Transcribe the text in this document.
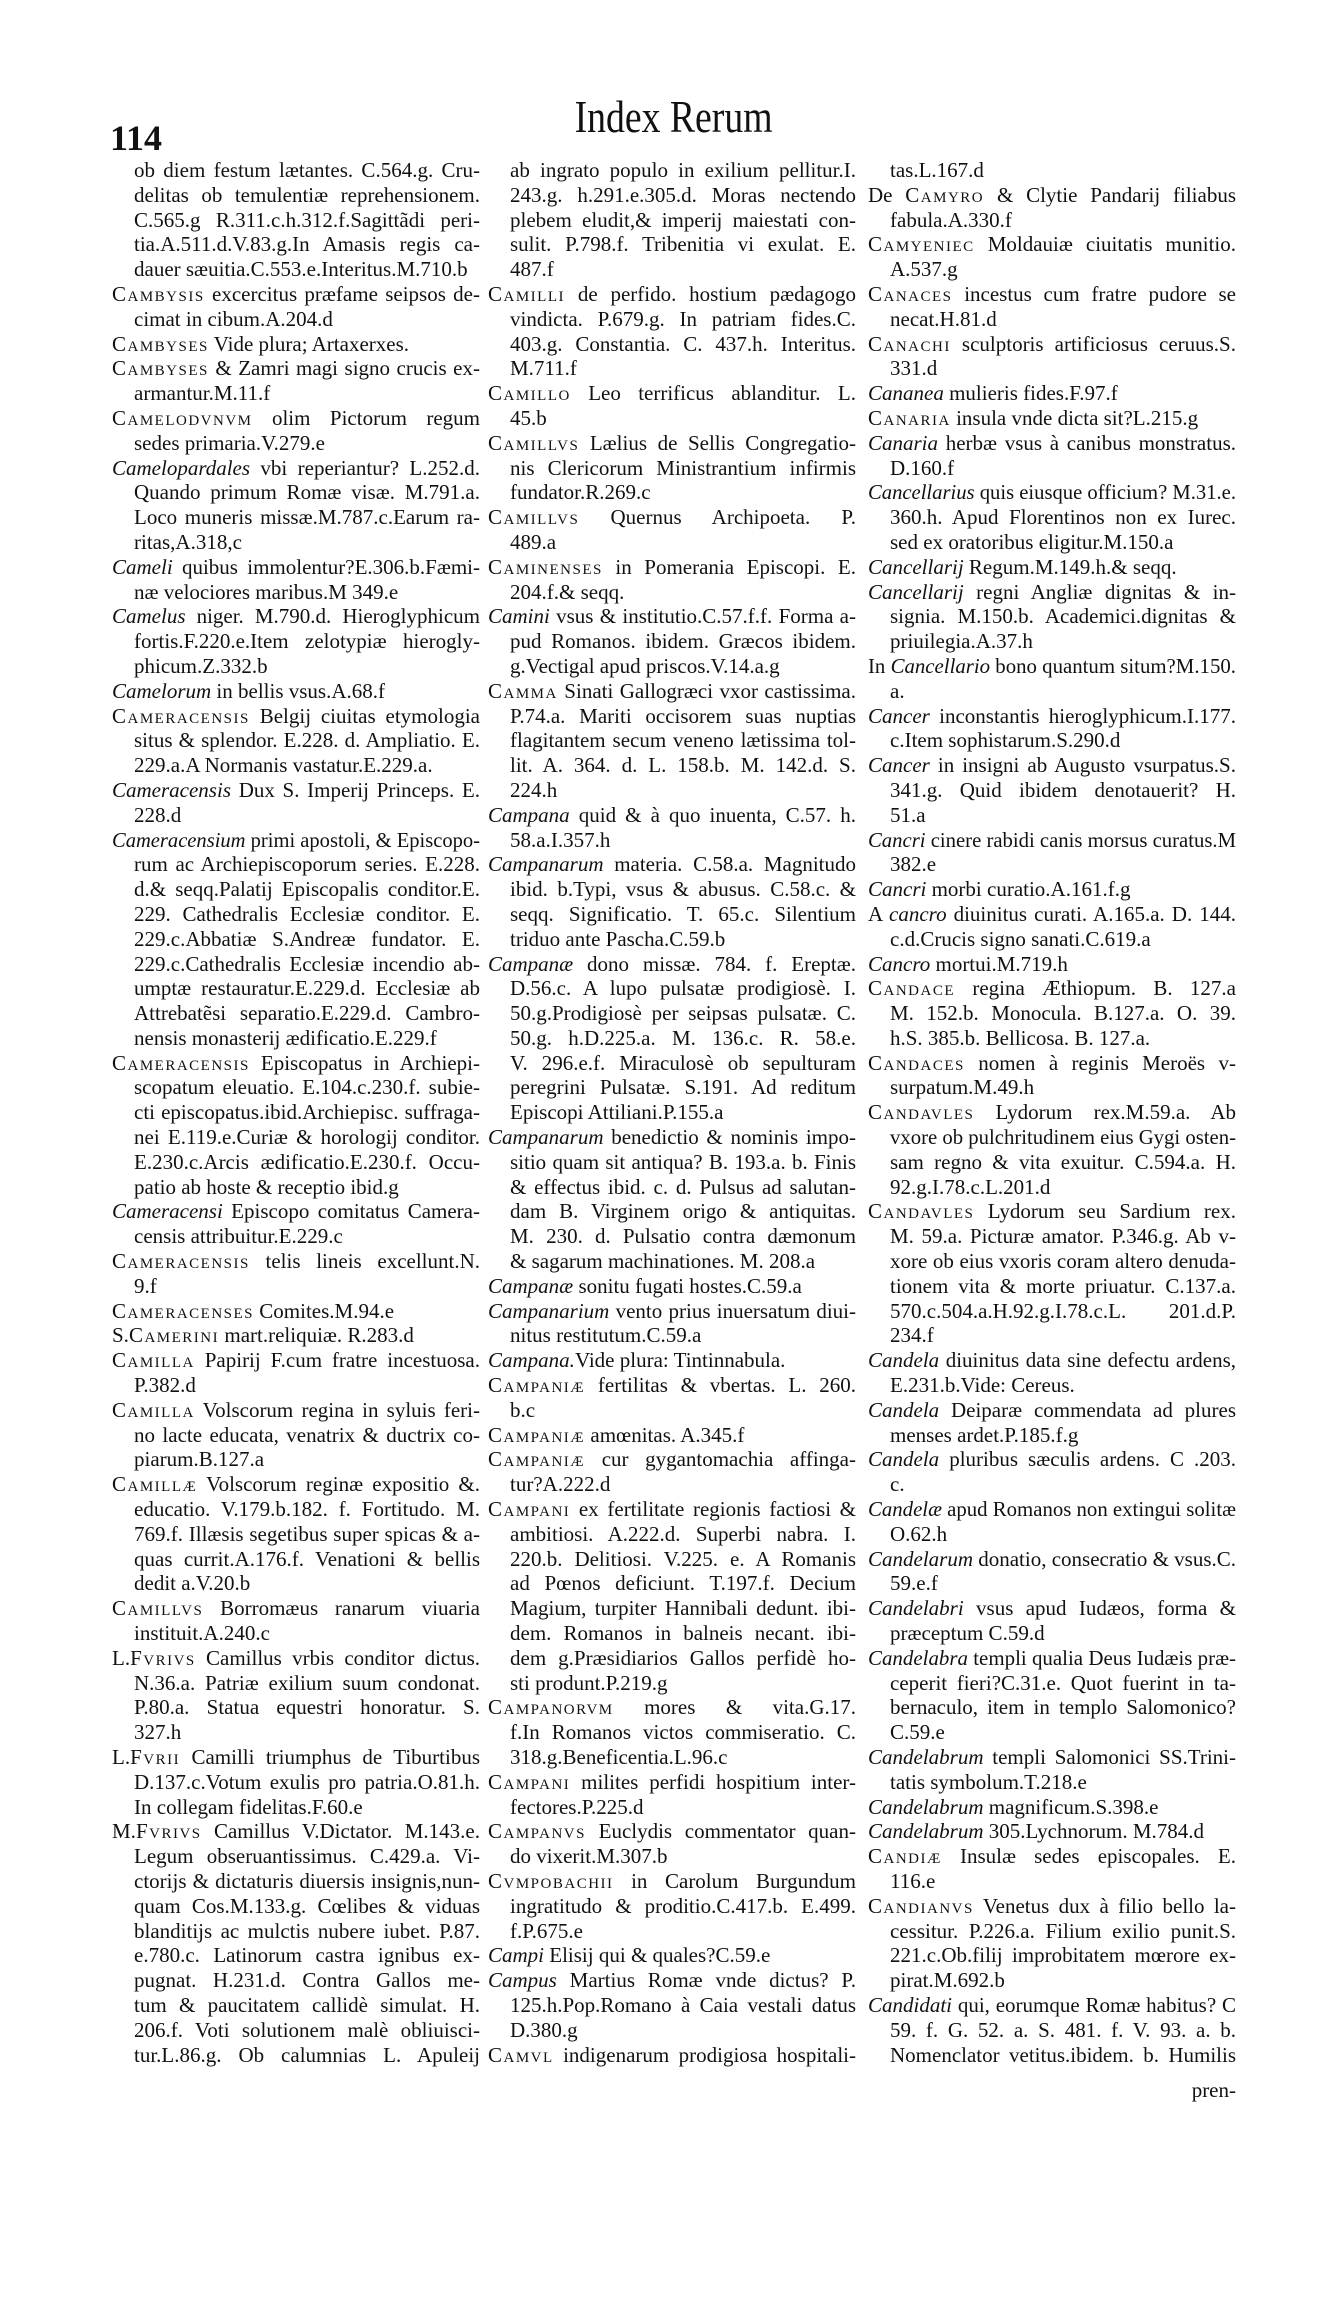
Index Rerum
114
ob diem festum lætantes. C.564.g. Cru-
delitas ob temulentiæ reprehensionem.
C.565.g R.311.c.h.312.f.Sagittãdi peri-
tia.A.511.d.V.83.g.In Amasis regis ca-
dauer sæuitia.C.553.e.Interitus.M.710.b
Cambysis excercitus præfame seipsos de-
cimat in cibum.A.204.d
Cambyses Vide plura; Artaxerxes.
Cambyses & Zamri magi signo crucis ex-
armantur.M.11.f
Camelodvnvm olim Pictorum regum
sedes primaria.V.279.e
Camelopardales vbi reperiantur? L.252.d.
Quando primum Romæ visæ. M.791.a.
Loco muneris missæ.M.787.c.Earum ra-
ritas,A.318,c
Cameli quibus immolentur?E.306.b.Fæmi-
næ velociores maribus.M 349.e
Camelus niger. M.790.d. Hieroglyphicum
fortis.F.220.e.Item zelotypiæ hierogly-
phicum.Z.332.b
Camelorum in bellis vsus.A.68.f
Cameracensis Belgij ciuitas etymologia
situs & splendor. E.228. d. Ampliatio. E.
229.a.A Normanis vastatur.E.229.a.
Cameracensis Dux S. Imperij Princeps. E.
228.d
Cameracensium primi apostoli, & Episcopo-
rum ac Archiepiscoporum series. E.228.
d.& seqq.Palatij Episcopalis conditor.E.
229. Cathedralis Ecclesiæ conditor. E.
229.c.Abbatiæ S.Andreæ fundator. E.
229.c.Cathedralis Ecclesiæ incendio ab-
umptæ restauratur.E.229.d. Ecclesiæ ab
Attrebatẽsi separatio.E.229.d. Cambro-
nensis monasterij ædificatio.E.229.f
Cameracensis Episcopatus in Archiepi-
scopatum eleuatio. E.104.c.230.f. subie-
cti episcopatus.ibid.Archiepisc. suffraga-
nei E.119.e.Curiæ & horologij conditor.
E.230.c.Arcis ædificatio.E.230.f. Occu-
patio ab hoste & receptio ibid.g
Cameracensi Episcopo comitatus Camera-
censis attribuitur.E.229.c
Cameracensis telis lineis excellunt.N.
9.f
Cameracenses Comites.M.94.e
S.Camerini mart.reliquiæ. R.283.d
Camilla Papirij F.cum fratre incestuosa.
P.382.d
Camilla Volscorum regina in syluis feri-
no lacte educata, venatrix & ductrix co-
piarum.B.127.a
Camillæ Volscorum reginæ expositio &.
educatio. V.179.b.182. f. Fortitudo. M.
769.f. Illæsis segetibus super spicas & a-
quas currit.A.176.f. Venationi & bellis
dedit a.V.20.b
Camillvs Borromæus ranarum viuaria
instituit.A.240.c
L.Fvrivs Camillus vrbis conditor dictus.
N.36.a. Patriæ exilium suum condonat.
P.80.a. Statua equestri honoratur. S.
327.h
L.Fvrii Camilli triumphus de Tiburtibus
D.137.c.Votum exulis pro patria.O.81.h.
In collegam fidelitas.F.60.e
M.Fvrivs Camillus V.Dictator. M.143.e.
Legum obseruantissimus. C.429.a. Vi-
ctorijs & dictaturis diuersis insignis,nun-
quam Cos.M.133.g. Cœlibes & viduas
blanditijs ac mulctis nubere iubet. P.87.
e.780.c. Latinorum castra ignibus ex-
pugnat. H.231.d. Contra Gallos me-
tum & paucitatem callidè simulat. H.
206.f. Voti solutionem malè obliuisci-
tur.L.86.g. Ob calumnias L. Apuleij
ab ingrato populo in exilium pellitur.I.
243.g. h.291.e.305.d. Moras nectendo
plebem eludit,& imperij maiestati con-
sulit. P.798.f. Tribenitia vi exulat. E.
487.f
Camilli de perfido. hostium pædagogo
vindicta. P.679.g. In patriam fides.C.
403.g. Constantia. C. 437.h. Interitus.
M.711.f
Camillo Leo terrificus ablanditur. L.
45.b
Camillvs Lælius de Sellis Congregatio-
nis Clericorum Ministrantium infirmis
fundator.R.269.c
Camillvs Quernus Archipoeta. P.
489.a
Caminenses in Pomerania Episcopi. E.
204.f.& seqq.
Camini vsus & institutio.C.57.f.f. Forma a-
pud Romanos. ibidem. Græcos ibidem.
g.Vectigal apud priscos.V.14.a.g
Camma Sinati Gallogræci vxor castissima.
P.74.a. Mariti occisorem suas nuptias
flagitantem secum veneno lætissima tol-
lit. A. 364. d. L. 158.b. M. 142.d. S.
224.h
Campana quid & à quo inuenta, C.57. h.
58.a.I.357.h
Campanarum materia. C.58.a. Magnitudo
ibid. b.Typi, vsus & abusus. C.58.c. &
seqq. Significatio. T. 65.c. Silentium
triduo ante Pascha.C.59.b
Campanæ dono missæ. 784. f. Ereptæ.
D.56.c. A lupo pulsatæ prodigiosè. I.
50.g.Prodigiosè per seipsas pulsatæ. C.
50.g. h.D.225.a. M. 136.c. R. 58.e.
V. 296.e.f. Miraculosè ob sepulturam
peregrini Pulsatæ. S.191. Ad reditum
Episcopi Attiliani.P.155.a
Campanarum benedictio & nominis impo-
sitio quam sit antiqua? B. 193.a. b. Finis
& effectus ibid. c. d. Pulsus ad salutan-
dam B. Virginem origo & antiquitas.
M. 230. d. Pulsatio contra dæmonum
& sagarum machinationes. M. 208.a
Campanæ sonitu fugati hostes.C.59.a
Campanarium vento prius inuersatum diui-
nitus restitutum.C.59.a
Campana.Vide plura: Tintinnabula.
Campaniæ fertilitas & vbertas. L. 260.
b.c
Campaniæ amœnitas. A.345.f
Campaniæ cur gygantomachia affinga-
tur?A.222.d
Campani ex fertilitate regionis factiosi &
ambitiosi. A.222.d. Superbi nabra. I.
220.b. Delitiosi. V.225. e. A Romanis
ad Pœnos deficiunt. T.197.f. Decium
Magium, turpiter Hannibali dedunt. ibi-
dem. Romanos in balneis necant. ibi-
dem g.Præsidiarios Gallos perfidè ho-
sti produnt.P.219.g
Campanorvm mores & vita.G.17.
f.In Romanos victos commiseratio. C.
318.g.Beneficentia.L.96.c
Campani milites perfidi hospitium inter-
fectores.P.225.d
Campanvs Euclydis commentator quan-
do vixerit.M.307.b
Cvmpobachii in Carolum Burgundum
ingratitudo & proditio.C.417.b. E.499.
f.P.675.e
Campi Elisij qui & quales?C.59.e
Campus Martius Romæ vnde dictus? P.
125.h.Pop.Romano à Caia vestali datus
D.380.g
Camvl indigenarum prodigiosa hospitali-
tas.L.167.d
De Camyro & Clytie Pandarij filiabus
fabula.A.330.f
Camyeniec Moldauiæ ciuitatis munitio.
A.537.g
Canaces incestus cum fratre pudore se
necat.H.81.d
Canachi sculptoris artificiosus ceruus.S.
331.d
Cananea mulieris fides.F.97.f
Canaria insula vnde dicta sit?L.215.g
Canaria herbæ vsus à canibus monstratus.
D.160.f
Cancellarius quis eiusque officium? M.31.e.
360.h. Apud Florentinos non ex Iurec.
sed ex oratoribus eligitur.M.150.a
Cancellarij Regum.M.149.h.& seqq.
Cancellarij regni Angliæ dignitas & in-
signia. M.150.b. Academici.dignitas &
priuilegia.A.37.h
In Cancellario bono quantum situm?M.150.
a.
Cancer inconstantis hieroglyphicum.I.177.
c.Item sophistarum.S.290.d
Cancer in insigni ab Augusto vsurpatus.S.
341.g. Quid ibidem denotauerit? H.
51.a
Cancri cinere rabidi canis morsus curatus.M
382.e
Cancri morbi curatio.A.161.f.g
A cancro diuinitus curati. A.165.a. D. 144.
c.d.Crucis signo sanati.C.619.a
Cancro mortui.M.719.h
Candace regina Æthiopum. B. 127.a
M. 152.b. Monocula. B.127.a. O. 39.
h.S. 385.b. Bellicosa. B. 127.a.
Candaces nomen à reginis Meroës v-
surpatum.M.49.h
Candavles Lydorum rex.M.59.a. Ab
vxore ob pulchritudinem eius Gygi osten-
sam regno & vita exuitur. C.594.a. H.
92.g.I.78.c.L.201.d
Candavles Lydorum seu Sardium rex.
M. 59.a. Picturæ amator. P.346.g. Ab v-
xore ob eius vxoris coram altero denuda-
tionem vita & morte priuatur. C.137.a.
570.c.504.a.H.92.g.I.78.c.L. 201.d.P.
234.f
Candela diuinitus data sine defectu ardens,
E.231.b.Vide: Cereus.
Candela Deiparæ commendata ad plures
menses ardet.P.185.f.g
Candela pluribus sæculis ardens. C .203.
c.
Candelæ apud Romanos non extingui solitæ
O.62.h
Candelarum donatio, consecratio & vsus.C.
59.e.f
Candelabri vsus apud Iudæos, forma &
præceptum C.59.d
Candelabra templi qualia Deus Iudæis præ-
ceperit fieri?C.31.e. Quot fuerint in ta-
bernaculo, item in templo Salomonico?
C.59.e
Candelabrum templi Salomonici SS.Trini-
tatis symbolum.T.218.e
Candelabrum magnificum.S.398.e
Candelabrum 305.Lychnorum. M.784.d
Candiæ Insulæ sedes episcopales. E.
116.e
Candianvs Venetus dux à filio bello la-
cessitur. P.226.a. Filium exilio punit.S.
221.c.Ob.filij improbitatem mœrore ex-
pirat.M.692.b
Candidati qui, eorumque Romæ habitus? C
59. f. G. 52. a. S. 481. f. V. 93. a. b.
Nomenclator vetitus.ibidem. b. Humilis
pren-
